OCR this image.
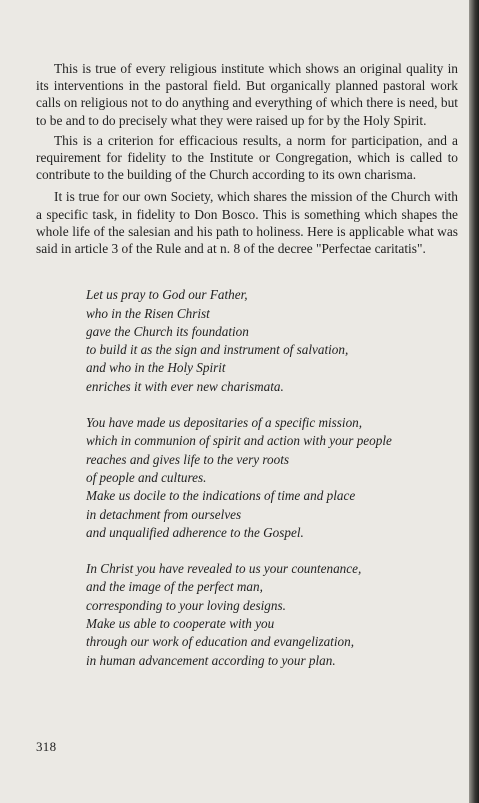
This is true of every religious institute which shows an original quality in its interventions in the pastoral field. But organically planned pastoral work calls on religious not to do anything and everything of which there is need, but to be and to do precisely what they were raised up for by the Holy Spirit.

This is a criterion for efficacious results, a norm for participation, and a requirement for fidelity to the Institute or Congregation, which is called to contribute to the building of the Church according to its own charisma.

It is true for our own Society, which shares the mission of the Church with a specific task, in fidelity to Don Bosco. This is something which shapes the whole life of the salesian and his path to holiness. Here is applicable what was said in article 3 of the Rule and at n. 8 of the decree "Perfectae caritatis".

Let us pray to God our Father,
who in the Risen Christ
gave the Church its foundation
to build it as the sign and instrument of salvation,
and who in the Holy Spirit
enriches it with ever new charismata.
You have made us depositaries of a specific mission,
which in communion of spirit and action with your people
reaches and gives life to the very roots
of people and cultures.
Make us docile to the indications of time and place
in detachment from ourselves
and unqualified adherence to the Gospel.
In Christ you have revealed to us your countenance,
and the image of the perfect man,
corresponding to your loving designs.
Make us able to cooperate with you
through our work of education and evangelization,
in human advancement according to your plan.
318
